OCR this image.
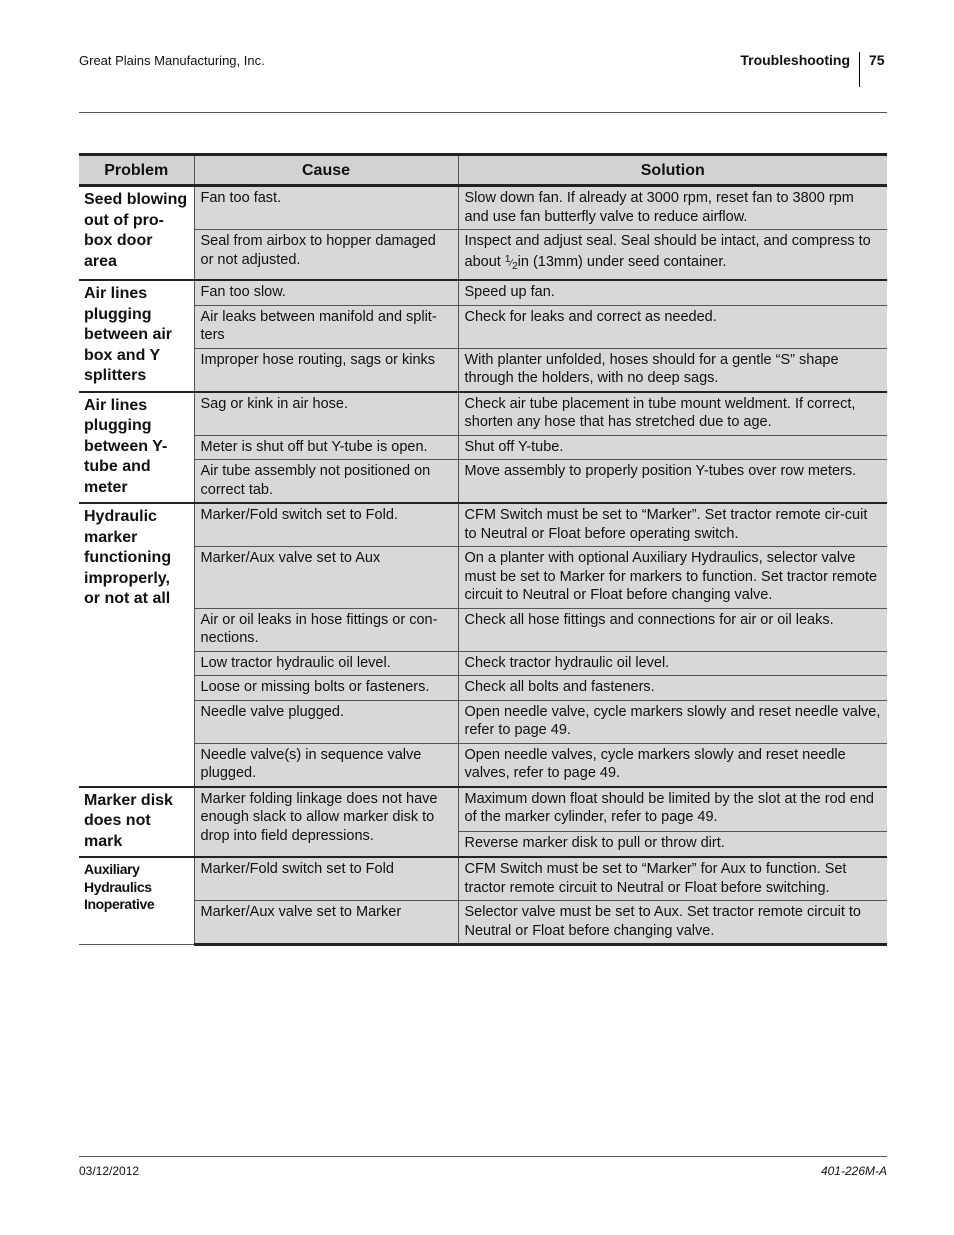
Great Plains Manufacturing, Inc.	Troubleshooting 75
Problem	Cause	Solution
Seed blowing out of pro-box door area	Fan too fast.	Slow down fan. If already at 3000 rpm, reset fan to 3800 rpm and use fan butterfly valve to reduce airflow.
	Seal from airbox to hopper damaged or not adjusted.	Inspect and adjust seal. Seal should be intact, and compress to about $^1⁄_2in$ (13mm) under seed container.
Air lines plugging between air box and Y splitters	Fan too slow.	Speed up fan.
	Air leaks between manifold and split-ters	Check for leaks and correct as needed.
	Improper hose routing, sags or kinks	With planter unfolded, hoses should for a gentle “S” shape through the holders, with no deep sags.
Air lines plugging between Y-tube and meter	Sag or kink in air hose.	Check air tube placement in tube mount weldment. If correct, shorten any hose that has stretched due to age.
	Meter is shut off but Y-tube is open.	Shut off Y-tube.
	Air tube assembly not positioned on correct tab.	Move assembly to properly position Y-tubes over row meters.
Hydraulic marker functioning improperly, or not at all	Marker/Fold switch set to Fold.	CFM Switch must be set to “Marker”. Set tractor remote cir-cuit to Neutral or Float before operating switch.
	Marker/Aux valve set to Aux	On a planter with optional Auxiliary Hydraulics, selector valve must be set to Marker for markers to function. Set tractor remote circuit to Neutral or Float before changing valve.
	Air or oil leaks in hose fittings or con-nections.	Check all hose fittings and connections for air or oil leaks.
	Low tractor hydraulic oil level.	Check tractor hydraulic oil level.
	Loose or missing bolts or fasteners.	Check all bolts and fasteners.
	Needle valve plugged.	Open needle valve, cycle markers slowly and reset needle valve, refer to page 49.
	Needle valve(s) in sequence valve plugged.	Open needle valves, cycle markers slowly and reset needle valves, refer to page 49.
Marker disk does not mark	Marker folding linkage does not have enough slack to allow marker disk to drop into field depressions.	Maximum down float should be limited by the slot at the rod end of the marker cylinder, refer to page 49.
		Reverse marker disk to pull or throw dirt.
Auxiliary Hydraulics Inoperative	Marker/Fold switch set to Fold	CFM Switch must be set to “Marker” for Aux to function. Set tractor remote circuit to Neutral or Float before switching.
	Marker/Aux valve set to Marker	Selector valve must be set to Aux. Set tractor remote circuit to Neutral or Float before changing valve.
03/12/2012	401-226M-A
